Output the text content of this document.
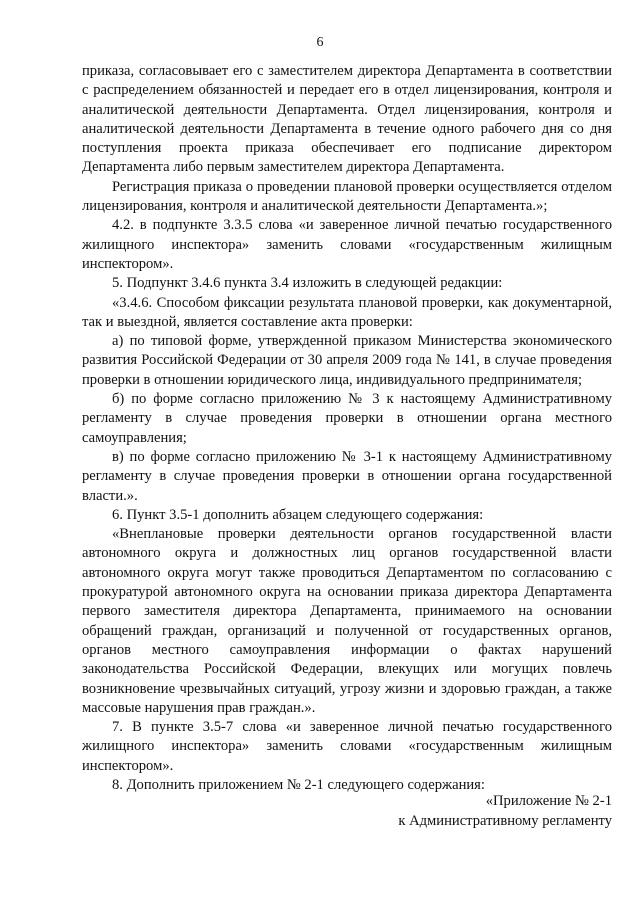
6

приказа, согласовывает его с заместителем директора Департамента в соответствии с распределением обязанностей и передает его в отдел лицензирования, контроля и аналитической деятельности Департамента. Отдел лицензирования, контроля и аналитической деятельности Департамента в течение одного рабочего дня со дня поступления проекта приказа обеспечивает его подписание директором Департамента либо первым заместителем директора Департамента.

Регистрация приказа о проведении плановой проверки осуществляется отделом лицензирования, контроля и аналитической деятельности Департамента.»;

4.2. в подпункте 3.3.5 слова «и заверенное личной печатью государственного жилищного инспектора» заменить словами «государственным жилищным инспектором».

5. Подпункт 3.4.6 пункта 3.4 изложить в следующей редакции:

«3.4.6. Способом фиксации результата плановой проверки, как документарной, так и выездной, является составление акта проверки:

а) по типовой форме, утвержденной приказом Министерства экономического развития Российской Федерации от 30 апреля 2009 года № 141, в случае проведения проверки в отношении юридического лица, индивидуального предпринимателя;

б) по форме согласно приложению № 3 к настоящему Административному регламенту в случае проведения проверки в отношении органа местного самоуправления;

в) по форме согласно приложению № 3-1 к настоящему Административному регламенту в случае проведения проверки в отношении органа государственной власти.».

6. Пункт 3.5-1 дополнить абзацем следующего содержания:

«Внеплановые проверки деятельности органов государственной власти автономного округа и должностных лиц органов государственной власти автономного округа могут также проводиться Департаментом по согласованию с прокуратурой автономного округа на основании приказа директора Департамента первого заместителя директора Департамента, принимаемого на основании обращений граждан, организаций и полученной от государственных органов, органов местного самоуправления информации о фактах нарушений законодательства Российской Федерации, влекущих или могущих повлечь возникновение чрезвычайных ситуаций, угрозу жизни и здоровью граждан, а также массовые нарушения прав граждан.».

7. В пункте 3.5-7 слова «и заверенное личной печатью государственного жилищного инспектора» заменить словами «государственным жилищным инспектором».

8. Дополнить приложением № 2-1 следующего содержания:

«Приложение № 2-1
к Административному регламенту
